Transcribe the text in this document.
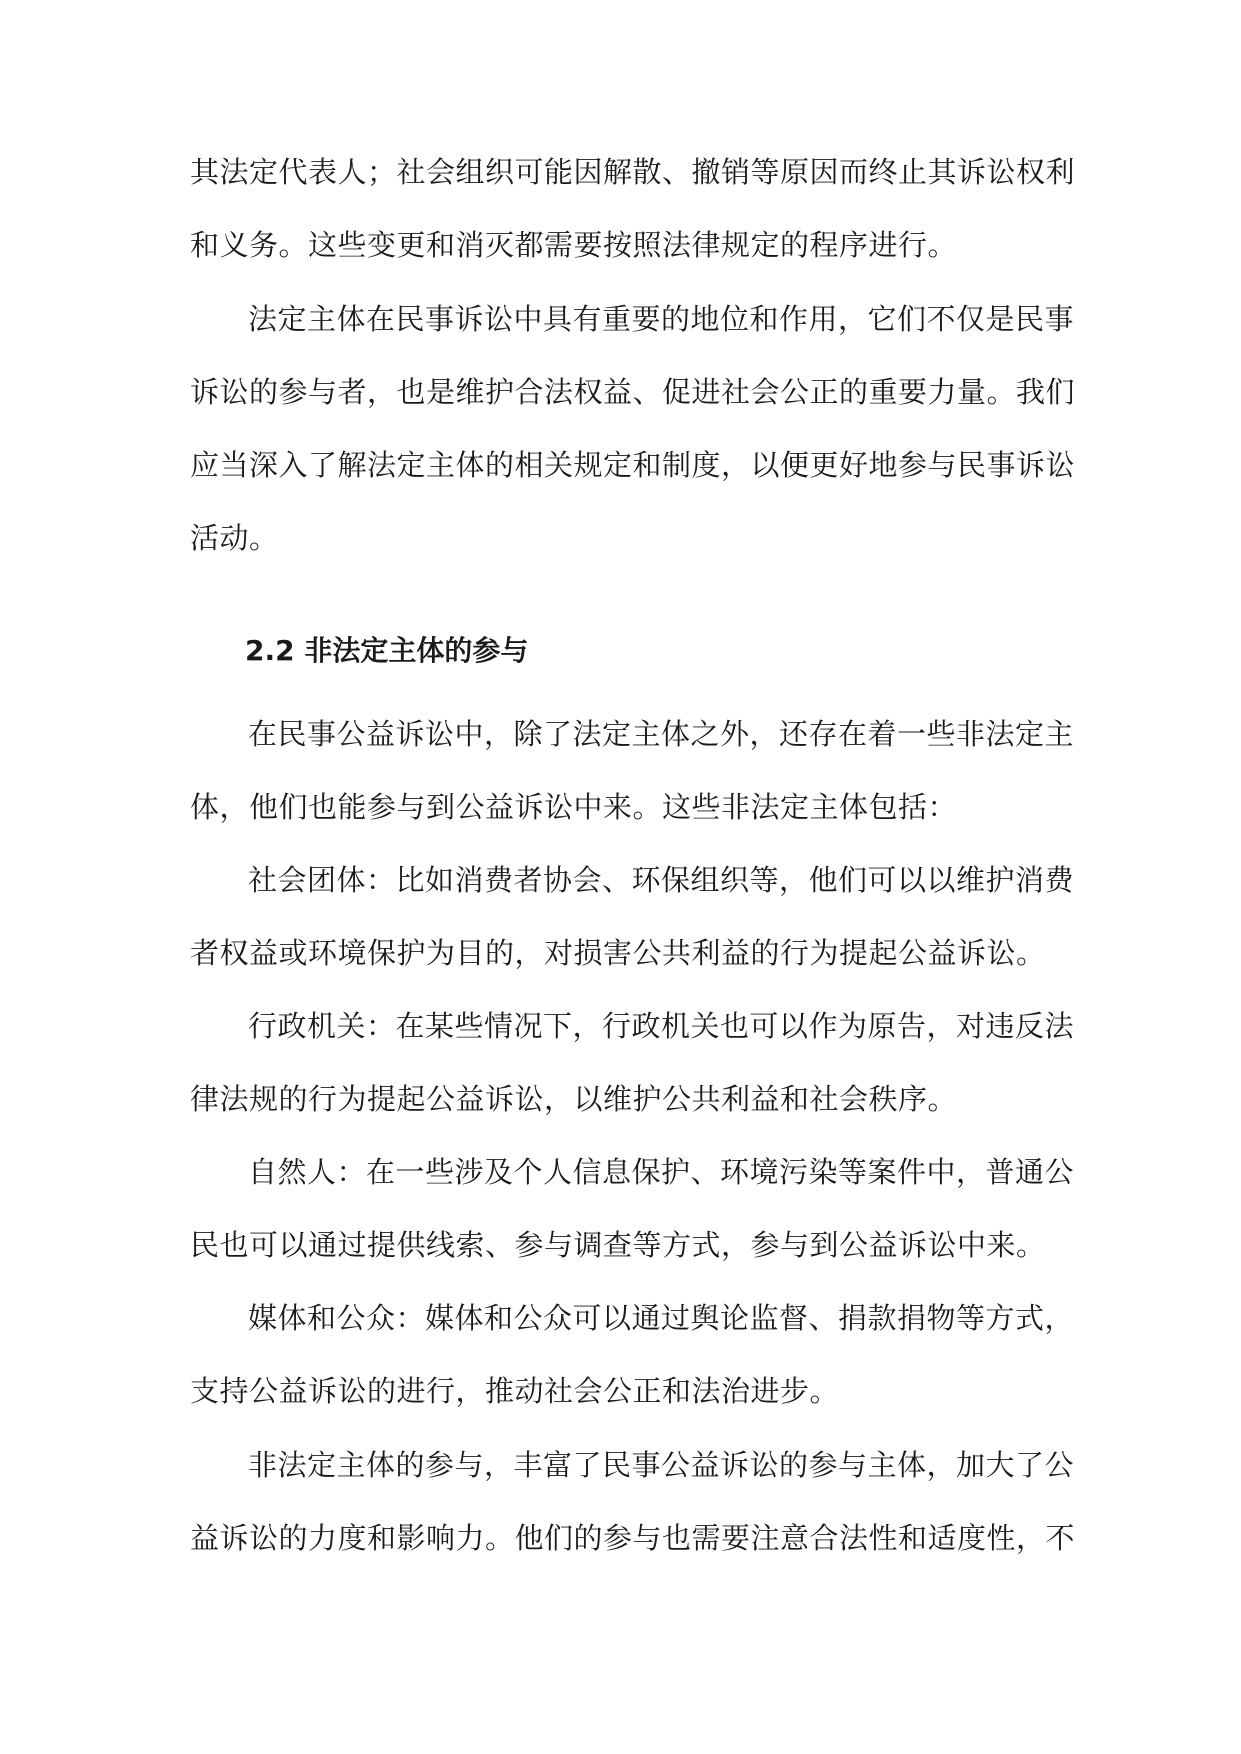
其法定代表人；社会组织可能因解散、撤销等原因而终止其诉讼权利
和义务。这些变更和消灭都需要按照法律规定的程序进行。
法定主体在民事诉讼中具有重要的地位和作用，它们不仅是民事
诉讼的参与者，也是维护合法权益、促进社会公正的重要力量。我们
应当深入了解法定主体的相关规定和制度，以便更好地参与民事诉讼
活动。
2.2 非法定主体的参与
在民事公益诉讼中，除了法定主体之外，还存在着一些非法定主
体，他们也能参与到公益诉讼中来。这些非法定主体包括：
社会团体：比如消费者协会、环保组织等，他们可以以维护消费
者权益或环境保护为目的，对损害公共利益的行为提起公益诉讼。
行政机关：在某些情况下，行政机关也可以作为原告，对违反法
律法规的行为提起公益诉讼，以维护公共利益和社会秩序。
自然人：在一些涉及个人信息保护、环境污染等案件中，普通公
民也可以通过提供线索、参与调查等方式，参与到公益诉讼中来。
媒体和公众：媒体和公众可以通过舆论监督、捐款捐物等方式，
支持公益诉讼的进行，推动社会公正和法治进步。
非法定主体的参与，丰富了民事公益诉讼的参与主体，加大了公
益诉讼的力度和影响力。他们的参与也需要注意合法性和适度性，不
